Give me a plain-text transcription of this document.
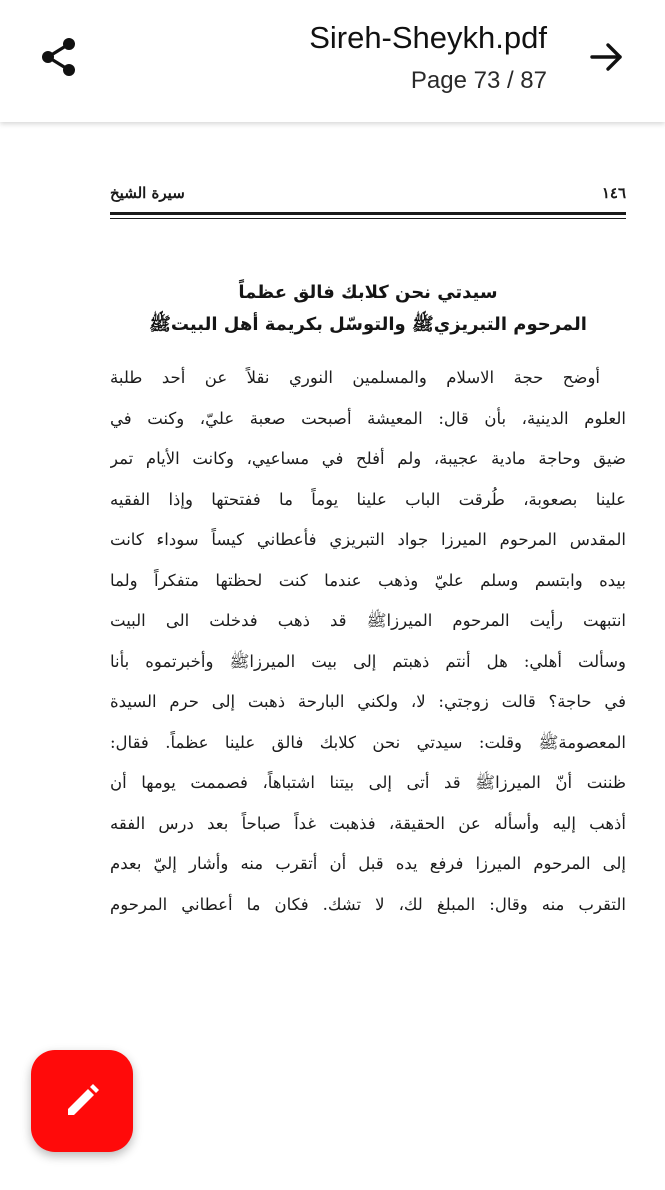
Sireh-Sheykh.pdf
Page 73 / 87
١٤٦
سيرة الشيخ
سيدتي نحن كلابك فالق عظماً
المرحوم التبريزيﷺ والتوسّل بكريمة أهل البيتﷺ
أوضح حجة الاسلام والمسلمين النوري نقلاً عن أحد طلبة
العلوم الدينية، بأن قال: المعيشة أصبحت صعبة عليّ، وكنت في
ضيق وحاجة مادية عجيبة، ولم أفلح في مساعيي، وكانت الأيام تمر
علينا بصعوبة، طُرقت الباب علينا يوماً ما ففتحتها وإذا الفقيه
المقدس المرحوم الميرزا جواد التبريزي فأعطاني كيساً سوداء كانت
بيده وابتسم وسلم عليّ وذهب عندما كنت لحظتها متفكراً ولما
انتبهت رأيت المرحوم الميرزاﷺ قد ذهب فدخلت الى البيت
وسألت أهلي: هل أنتم ذهبتم إلى بيت الميرزاﷺ وأخبرتموه بأنا
في حاجة؟ قالت زوجتي: لا، ولكني البارحة ذهبت إلى حرم السيدة
المعصومةﷺ وقلت: سيدتي نحن كلابك فالق علينا عظماً. فقال:
ظننت أنّ الميرزاﷺ قد أتى إلى بيتنا اشتباهاً، فصممت يومها أن
أذهب إليه وأسأله عن الحقيقة، فذهبت غداً صباحاً بعد درس الفقه
إلى المرحوم الميرزا فرفع يده قبل أن أتقرب منه وأشار إليّ بعدم
التقرب منه وقال: المبلغ لك، لا تشك. فكان ما أعطاني المرحوم
